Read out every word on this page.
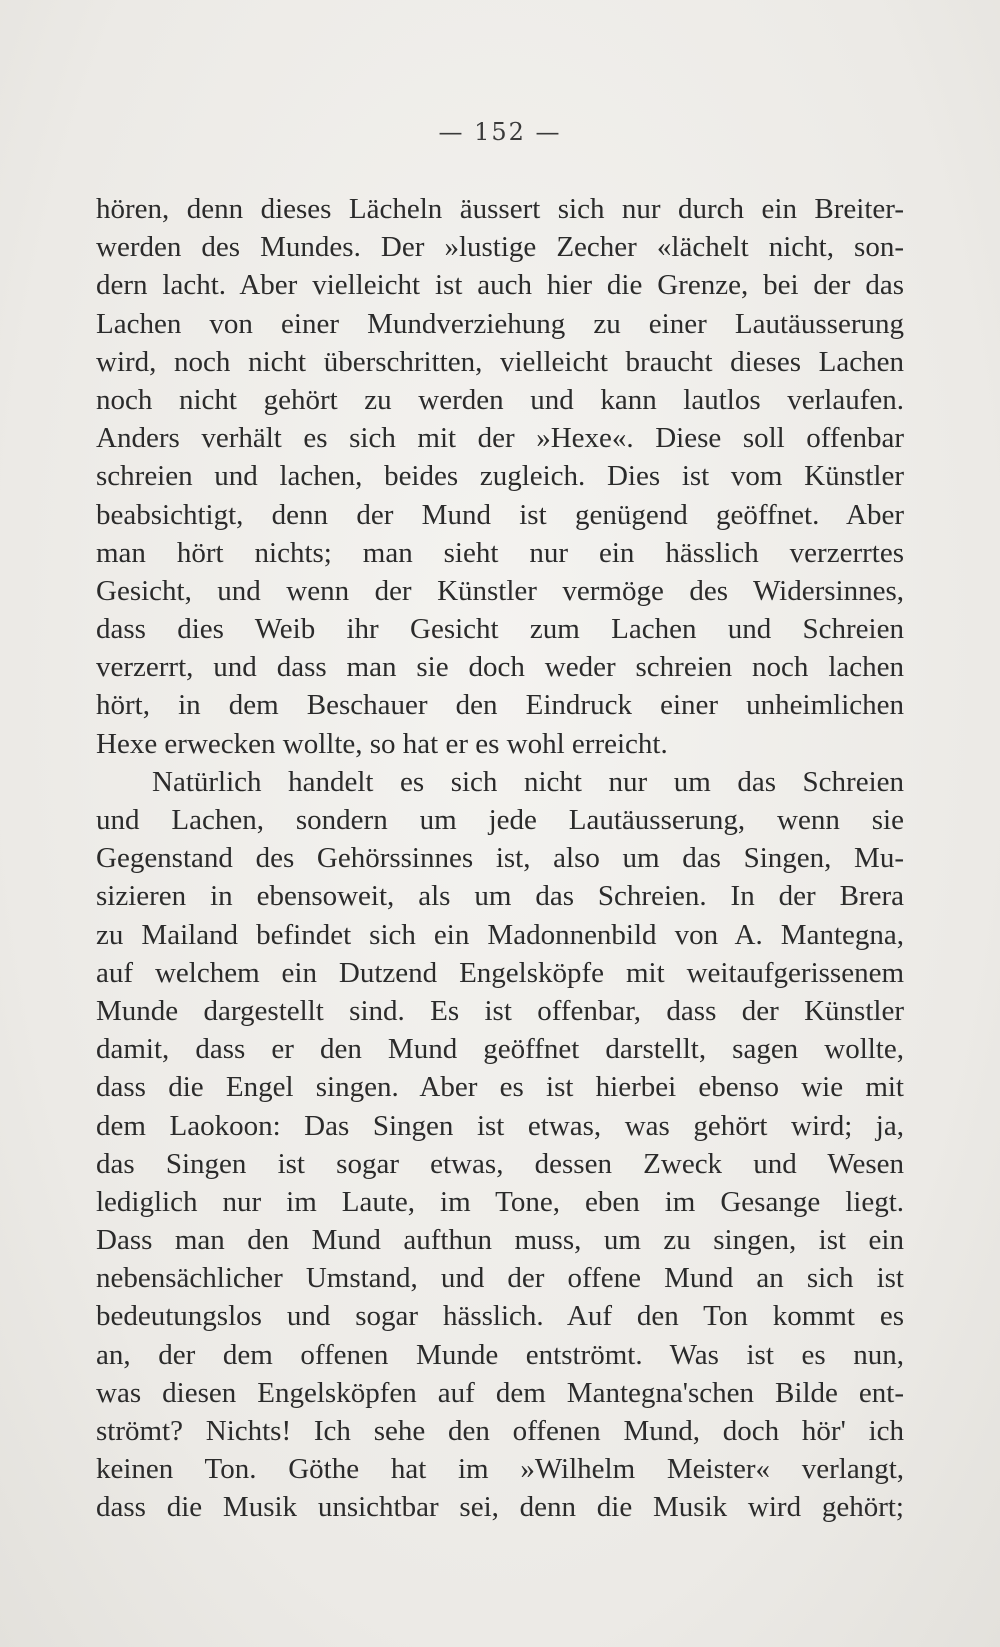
— 152 —
hören, denn dieses Lächeln äussert sich nur durch ein Breiter-
werden des Mundes. Der »lustige Zecher «lächelt nicht, son-
dern lacht. Aber vielleicht ist auch hier die Grenze, bei der das
Lachen von einer Mundverziehung zu einer Lautäusserung
wird, noch nicht überschritten, vielleicht braucht dieses Lachen
noch nicht gehört zu werden und kann lautlos verlaufen.
Anders verhält es sich mit der »Hexe«. Diese soll offenbar
schreien und lachen, beides zugleich. Dies ist vom Künstler
beabsichtigt, denn der Mund ist genügend geöffnet. Aber
man hört nichts; man sieht nur ein hässlich verzerrtes
Gesicht, und wenn der Künstler vermöge des Widersinnes,
dass dies Weib ihr Gesicht zum Lachen und Schreien
verzerrt, und dass man sie doch weder schreien noch lachen
hört, in dem Beschauer den Eindruck einer unheimlichen
Hexe erwecken wollte, so hat er es wohl erreicht.
Natürlich handelt es sich nicht nur um das Schreien
und Lachen, sondern um jede Lautäusserung, wenn sie
Gegenstand des Gehörssinnes ist, also um das Singen, Mu-
sizieren in ebensoweit, als um das Schreien. In der Brera
zu Mailand befindet sich ein Madonnenbild von A. Mantegna,
auf welchem ein Dutzend Engelsköpfe mit weitaufgerissenem
Munde dargestellt sind. Es ist offenbar, dass der Künstler
damit, dass er den Mund geöffnet darstellt, sagen wollte,
dass die Engel singen. Aber es ist hierbei ebenso wie mit
dem Laokoon: Das Singen ist etwas, was gehört wird; ja,
das Singen ist sogar etwas, dessen Zweck und Wesen
lediglich nur im Laute, im Tone, eben im Gesange liegt.
Dass man den Mund aufthun muss, um zu singen, ist ein
nebensächlicher Umstand, und der offene Mund an sich ist
bedeutungslos und sogar hässlich. Auf den Ton kommt es
an, der dem offenen Munde entströmt. Was ist es nun,
was diesen Engelsköpfen auf dem Mantegna'schen Bilde ent-
strömt? Nichts! Ich sehe den offenen Mund, doch hör' ich
keinen Ton. Göthe hat im »Wilhelm Meister« verlangt,
dass die Musik unsichtbar sei, denn die Musik wird gehört;
